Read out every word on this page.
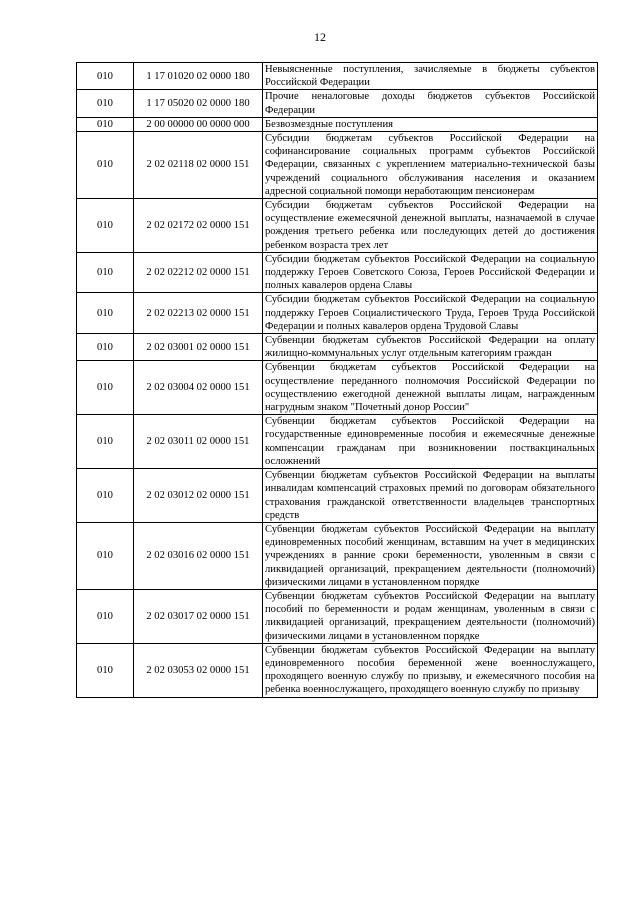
12
010	1 17 01020 02 0000 180	Невыясненные поступления, зачисляемые в бюджеты субъектов Российской Федерации

010	1 17 05020 02 0000 180	Прочие неналоговые доходы бюджетов субъектов Российской Федерации

010	2 00 00000 00 0000 000	Безвозмездные поступления

010	2 02 02118 02 0000 151	Субсидии бюджетам субъектов Российской Федерации на софинансирование социальных программ субъектов Российской Федерации, связанных с укреплением материально-технической базы учреждений социального обслуживания населения и оказанием адресной социальной помощи неработающим пенсионерам

010	2 02 02172 02 0000 151	Субсидии бюджетам субъектов Российской Федерации на осуществление ежемесячной денежной выплаты, назначаемой в случае рождения третьего ребенка или последующих детей до достижения ребенком возраста трех лет

010	2 02 02212 02 0000 151	Субсидии бюджетам субъектов Российской Федерации на социальную поддержку Героев Советского Союза, Героев Российской Федерации и полных кавалеров ордена Славы

010	2 02 02213 02 0000 151	Субсидии бюджетам субъектов Российской Федерации на социальную поддержку Героев Социалистического Труда, Героев Труда Российской Федерации и полных кавалеров ордена Трудовой Славы

010	2 02 03001 02 0000 151	Субвенции бюджетам субъектов Российской Федерации на оплату жилищно-коммунальных услуг отдельным категориям граждан

010	2 02 03004 02 0000 151	Субвенции бюджетам субъектов Российской Федерации на осуществление переданного полномочия Российской Федерации по осуществлению ежегодной денежной выплаты лицам, награжденным нагрудным знаком "Почетный донор России"

010	2 02 03011 02 0000 151	Субвенции бюджетам субъектов Российской Федерации на государственные единовременные пособия и ежемесячные денежные компенсации гражданам при возникновении поствакцинальных осложнений

010	2 02 03012 02 0000 151	Субвенции бюджетам субъектов Российской Федерации на выплаты инвалидам компенсаций страховых премий по договорам обязательного страхования гражданской ответственности владельцев транспортных средств

010	2 02 03016 02 0000 151	Субвенции бюджетам субъектов Российской Федерации на выплату единовременных пособий женщинам, вставшим на учет в медицинских учреждениях в ранние сроки беременности, уволенным в связи с ликвидацией организаций, прекращением деятельности (полномочий) физическими лицами в установленном порядке

010	2 02 03017 02 0000 151	Субвенции бюджетам субъектов Российской Федерации на выплату пособий по беременности и родам женщинам, уволенным в связи с ликвидацией организаций, прекращением деятельности (полномочий) физическими лицами в установленном порядке

010	2 02 03053 02 0000 151	Субвенции бюджетам субъектов Российской Федерации на выплату единовременного пособия беременной жене военнослужащего, проходящего военную службу по призыву, и ежемесячного пособия на ребенка военнослужащего, проходящего военную службу по призыву
